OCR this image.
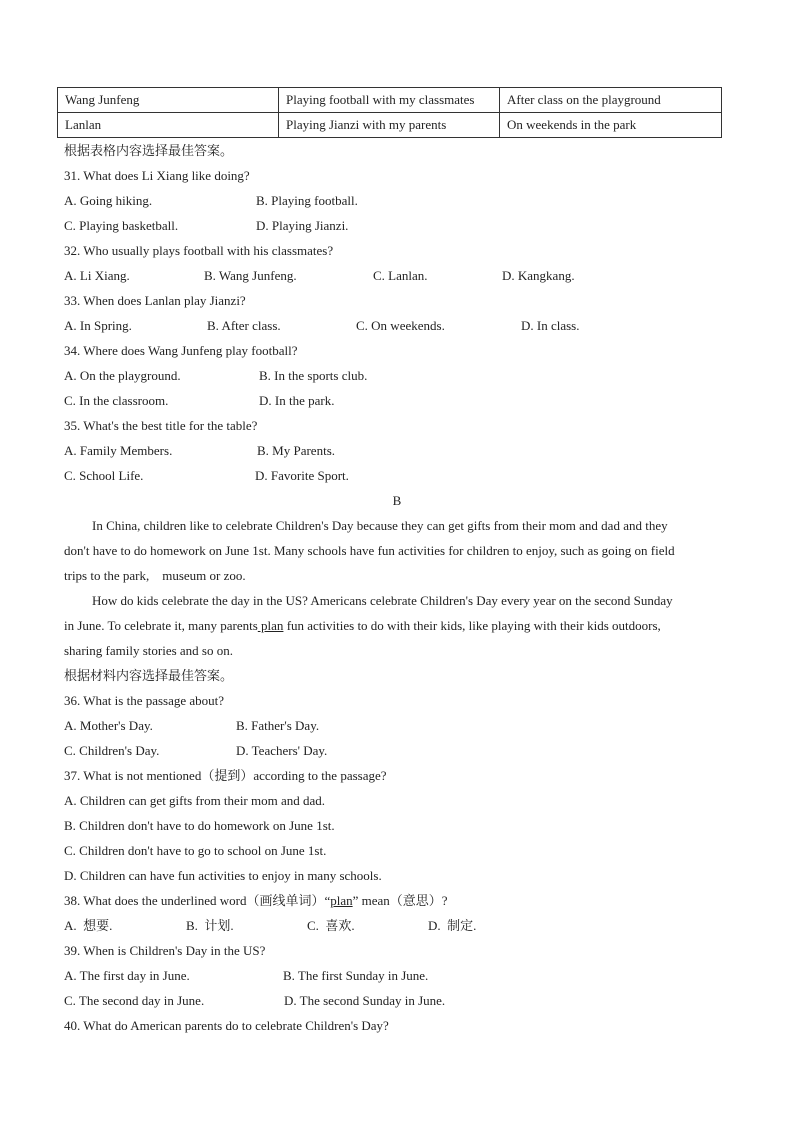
Wang Junfeng	Playing football with my classmates	After class on the playground
Lanlan	Playing Jianzi with my parents	On weekends in the park
根据表格内容选择最佳答案。
31. What does Li Xiang like doing?
A. Going hiking.	B. Playing football.
C. Playing basketball.	D. Playing Jianzi.
32. Who usually plays football with his classmates?
A. Li Xiang.	B. Wang Junfeng.	C. Lanlan.	D. Kangkang.
33. When does Lanlan play Jianzi?
A. In Spring.	B. After class.	C. On weekends.	D. In class.
34. Where does Wang Junfeng play football?
A. On the playground.	B. In the sports club.
C. In the classroom.	D. In the park.
35. What's the best title for the table?
A. Family Members.	B. My Parents.
C. School Life.	D. Favorite Sport.
B
In China, children like to celebrate Children's Day because they can get gifts from their mom and dad and they
don't have to do homework on June 1st. Many schools have fun activities for children to enjoy, such as going on field
trips to the park,    museum or zoo.
How do kids celebrate the day in the US? Americans celebrate Children's Day every year on the second Sunday
in June. To celebrate it, many parents plan fun activities to do with their kids, like playing with their kids outdoors,
sharing family stories and so on.
根据材料内容选择最佳答案。
36. What is the passage about?
A. Mother's Day.	B. Father's Day.
C. Children's Day.	D. Teachers' Day.
37. What is not mentioned（提到）according to the passage?
A. Children can get gifts from their mom and dad.
B. Children don't have to do homework on June 1st.
C. Children don't have to go to school on June 1st.
D. Children can have fun activities to enjoy in many schools.
38. What does the underlined word（画线单词）“plan” mean（意思）?
A.  想要.	B.  计划.	C.  喜欢.	D.  制定.
39. When is Children's Day in the US?
A. The first day in June.	B. The first Sunday in June.
C. The second day in June.	D. The second Sunday in June.
40. What do American parents do to celebrate Children's Day?
